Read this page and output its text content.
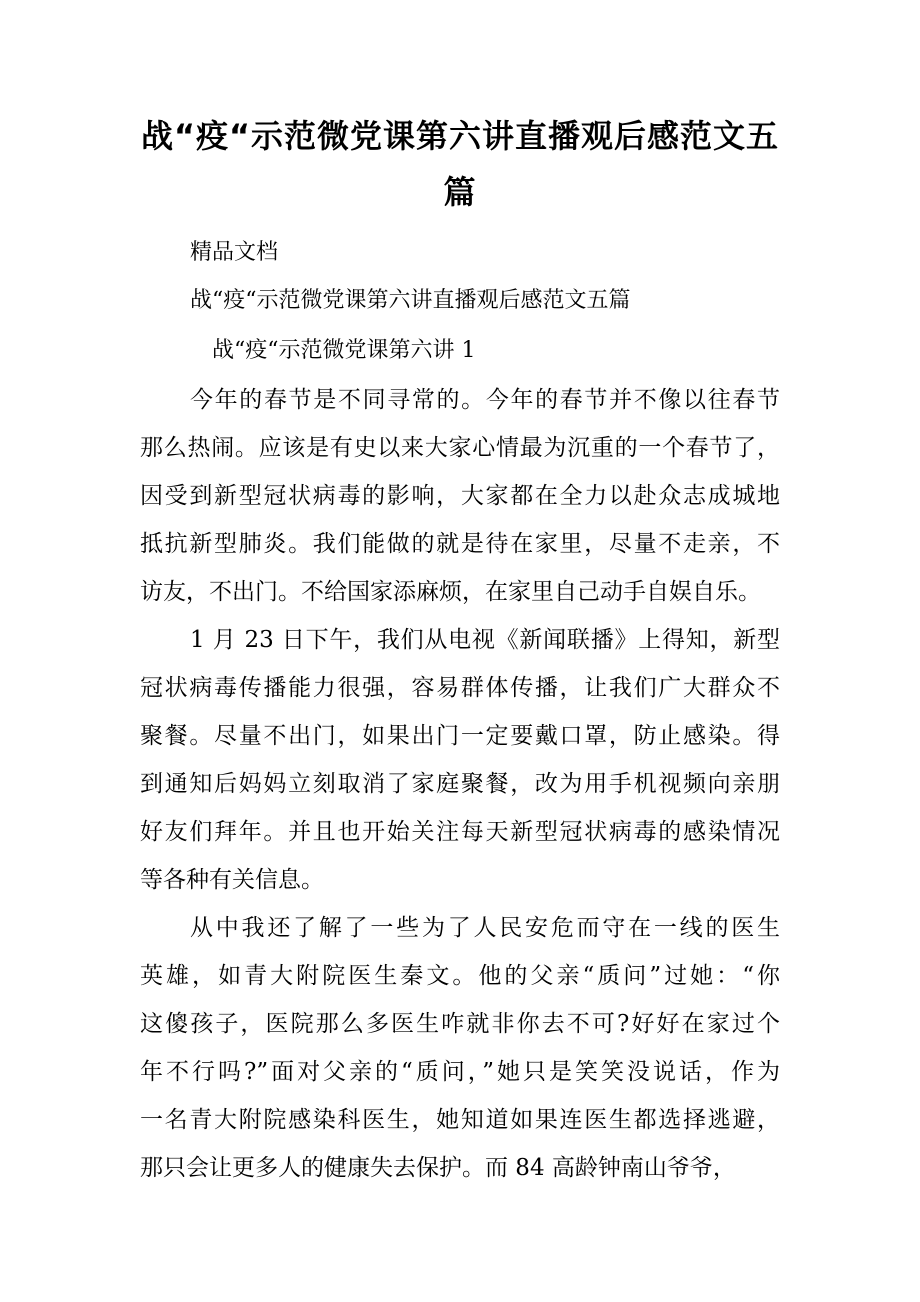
战“疫“示范微党课第六讲直播观后感范文五
篇

精品文档

战“疫“示范微党课第六讲直播观后感范文五篇

战“疫“示范微党课第六讲 1

今年的春节是不同寻常的。今年的春节并不像以往春节
那么热闹。应该是有史以来大家心情最为沉重的一个春节了，
因受到新型冠状病毒的影响，大家都在全力以赴众志成城地
抵抗新型肺炎。我们能做的就是待在家里，尽量不走亲，不
访友，不出门。不给国家添麻烦，在家里自己动手自娱自乐。
1 月 23 日下午，我们从电视《新闻联播》上得知，新型
冠状病毒传播能力很强，容易群体传播，让我们广大群众不
聚餐。尽量不出门，如果出门一定要戴口罩，防止感染。得
到通知后妈妈立刻取消了家庭聚餐，改为用手机视频向亲朋
好友们拜年。并且也开始关注每天新型冠状病毒的感染情况
等各种有关信息。
从中我还了解了一些为了人民安危而守在一线的医生
英雄，如青大附院医生秦文。他的父亲“质问”过她：“你
这傻孩子，医院那么多医生咋就非你去不可?好好在家过个
年不行吗?”面对父亲的“质问，”她只是笑笑没说话，作为
一名青大附院感染科医生，她知道如果连医生都选择逃避，
那只会让更多人的健康失去保护。而 84 高龄钟南山爷爷，
